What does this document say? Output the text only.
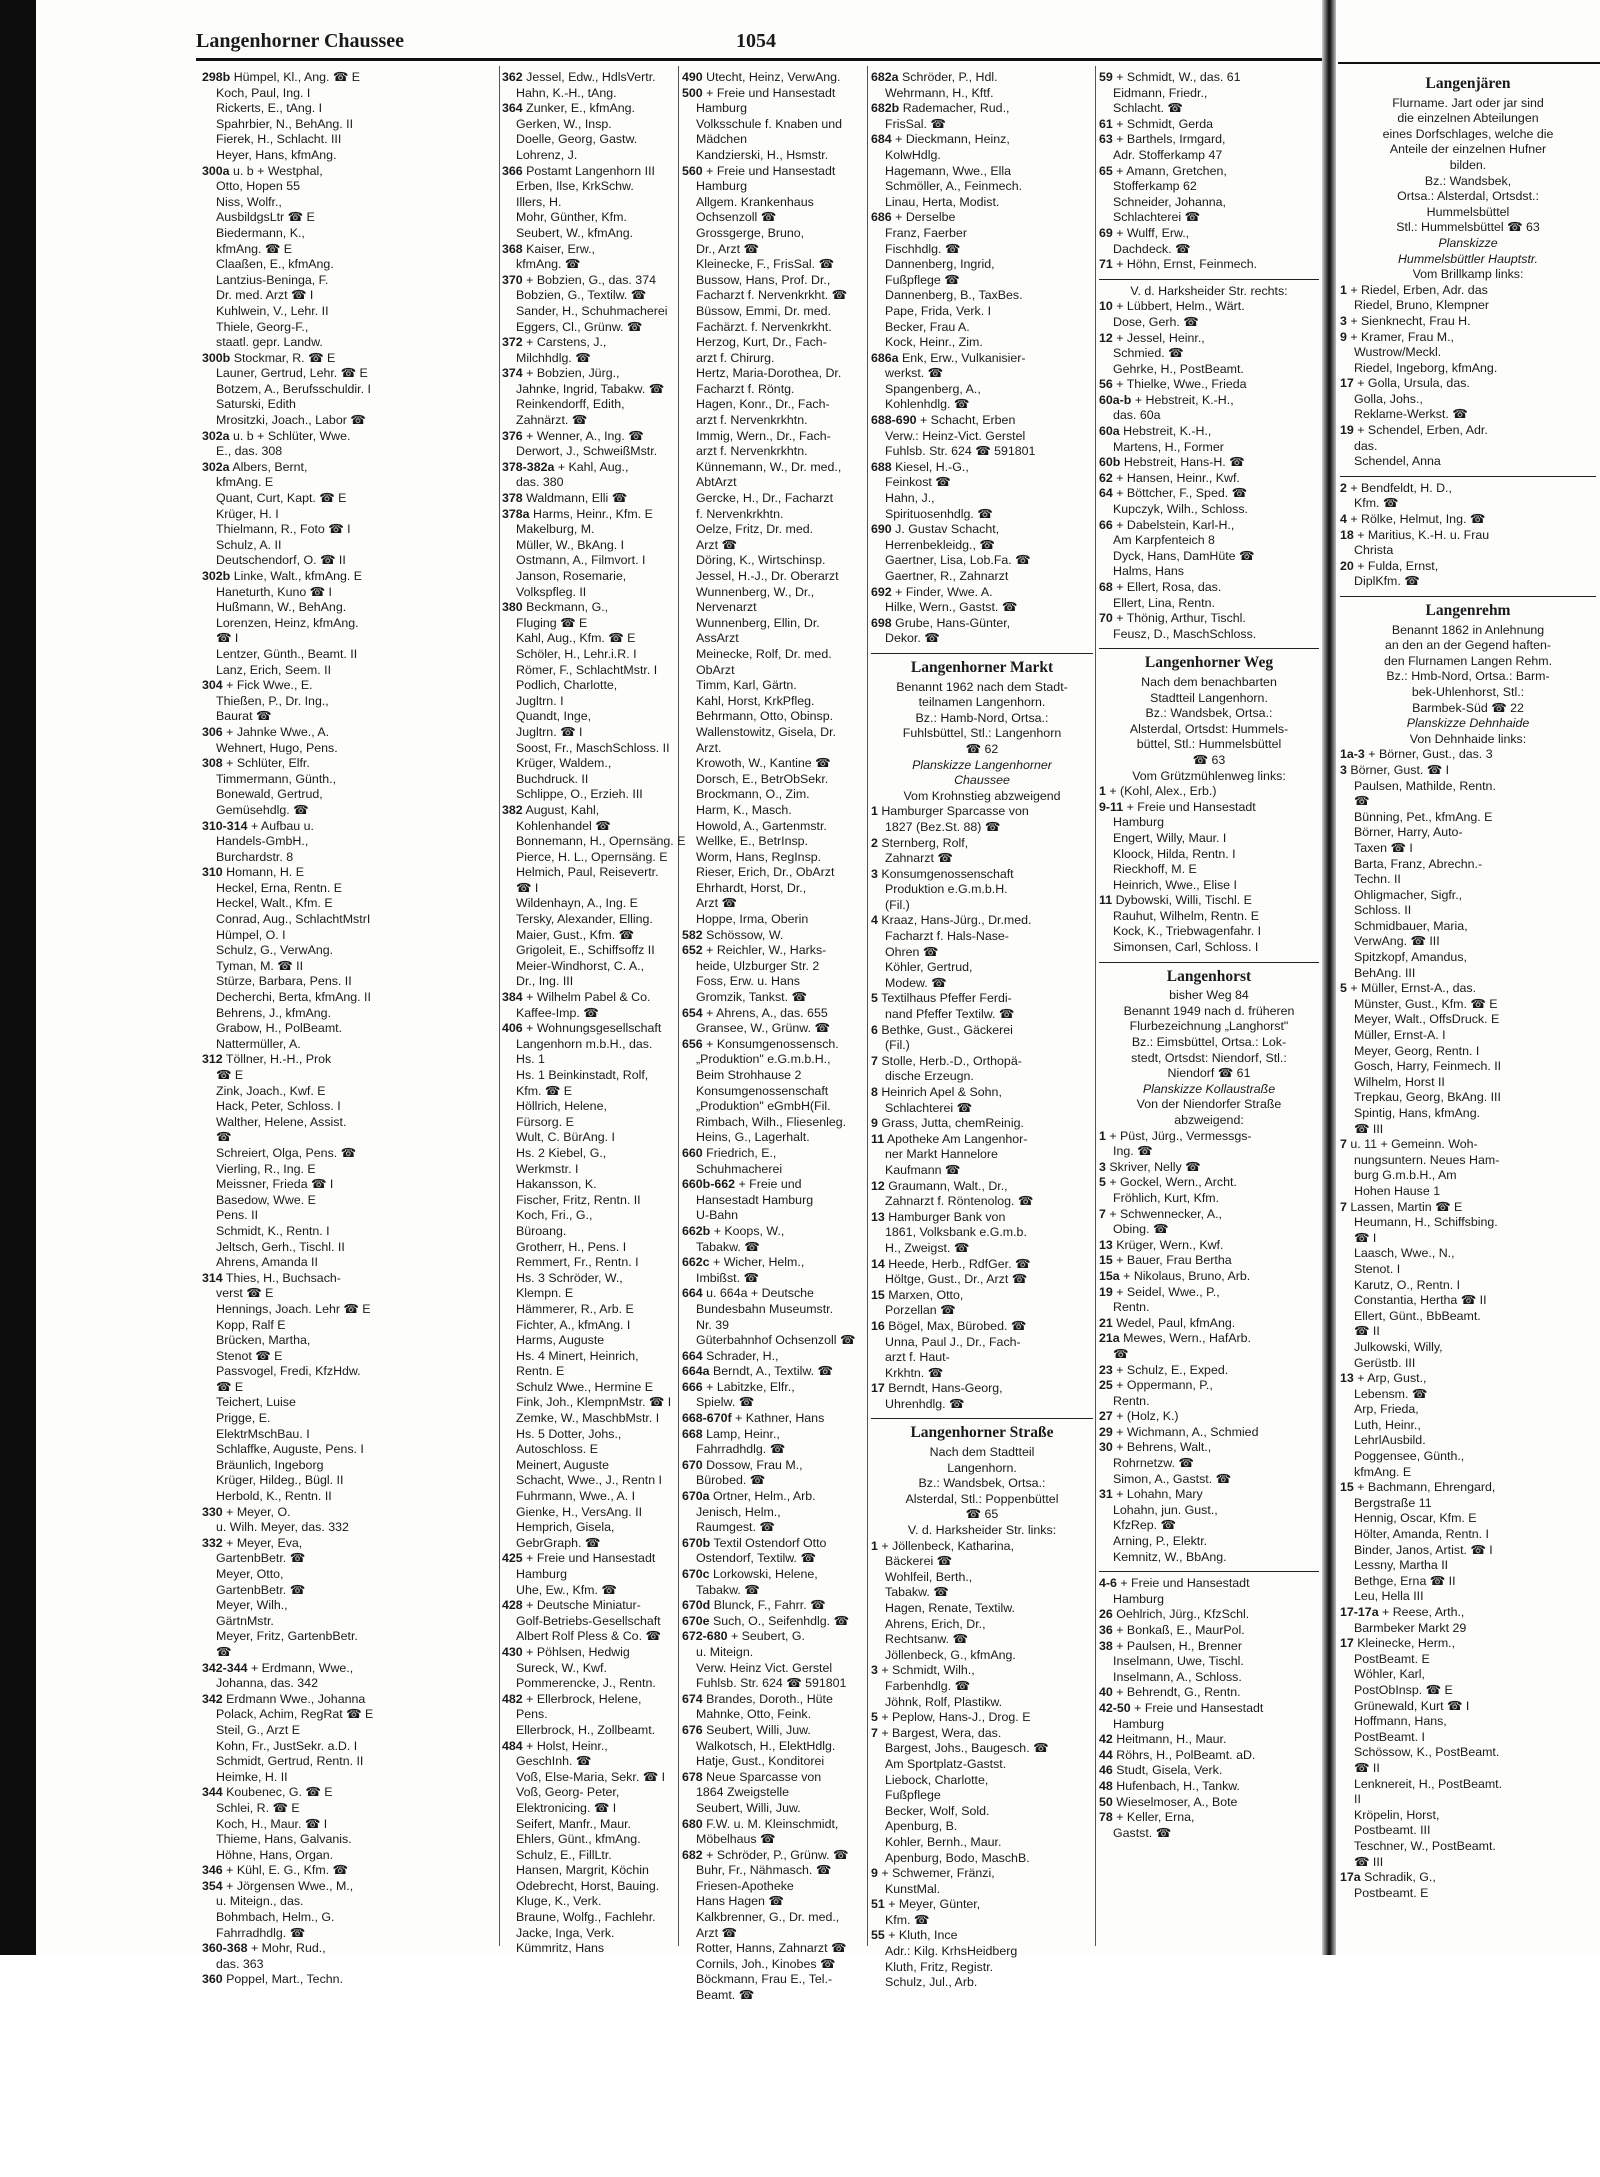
Langenhorner Chaussee	1054
298b Hümpel, Kl., Ang. ☎ E
Koch, Paul, Ing. I
Rickerts, E., tAng. I
Spahrbier, N., BehAng. II
Fierek, H., Schlacht. III
Heyer, Hans, kfmAng.
300a u. b + Westphal,
Otto, Hopen 55
Niss, Wolfr.,
AusbildgsLtr ☎ E
Biedermann, K.,
kfmAng. ☎ E
Claaßen, E., kfmAng.
Lantzius-Beninga, F.
Dr. med. Arzt ☎ I
Kuhlwein, V., Lehr. II
Thiele, Georg-F.,
staatl. gepr. Landw.
300b Stockmar, R. ☎ E
Launer, Gertrud, Lehr. ☎ E
Botzem, A., Berufsschuldir. I
Saturski, Edith
Mrositzki, Joach., Labor ☎
302a u. b + Schlüter, Wwe.
E., das. 308
302a Albers, Bernt,
kfmAng. E
Quant, Curt, Kapt. ☎ E
Krüger, H. I
Thielmann, R., Foto ☎ I
Schulz, A. II
Deutschendorf, O. ☎ II
302b Linke, Walt., kfmAng. E
Haneturth, Kuno ☎ I
Hußmann, W., BehAng.
Lorenzen, Heinz, kfmAng.
☎ I
Lentzer, Günth., Beamt. II
Lanz, Erich, Seem. II
304 + Fick Wwe., E.
Thießen, P., Dr. Ing.,
Baurat ☎
306 + Jahnke Wwe., A.
Wehnert, Hugo, Pens.
308 + Schlüter, Elfr.
Timmermann, Günth.,
Bonewald, Gertrud,
Gemüsehdlg. ☎
310-314 + Aufbau u.
Handels-GmbH.,
Burchardstr. 8
310 Homann, H. E
Heckel, Erna, Rentn. E
Heckel, Walt., Kfm. E
Conrad, Aug., SchlachtMstrI
Hümpel, O. I
Schulz, G., VerwAng.
Tyman, M. ☎ II
Stürze, Barbara, Pens. II
Decherchi, Berta, kfmAng. II
Behrens, J., kfmAng.
Grabow, H., PolBeamt.
Nattermüller, A.
312 Töllner, H.-H., Prok
☎ E
Zink, Joach., Kwf. E
Hack, Peter, Schloss. I
Walther, Helene, Assist.
☎
Schreiert, Olga, Pens. ☎
Vierling, R., Ing. E
Meissner, Frieda ☎ I
Basedow, Wwe. E
Pens. II
Schmidt, K., Rentn. I
Jeltsch, Gerh., Tischl. II
Ahrens, Amanda II
314 Thies, H., Buchsach-
verst ☎ E
Hennings, Joach. Lehr ☎ E
Kopp, Ralf E
Brücken, Martha,
Stenot ☎ E
Passvogel, Fredi, KfzHdw.
☎ E
Teichert, Luise
Prigge, E.
ElektrMschBau. I
Schlaffke, Auguste, Pens. I
Bräunlich, Ingeborg
Krüger, Hildeg., Bügl. II
Herbold, K., Rentn. II
330 + Meyer, O.
u. Wilh. Meyer, das. 332
332 + Meyer, Eva,
GartenbBetr. ☎
Meyer, Otto,
GartenbBetr. ☎
Meyer, Wilh.,
GärtnMstr.
Meyer, Fritz, GartenbBetr.
☎
342-344 + Erdmann, Wwe.,
Johanna, das. 342
342 Erdmann Wwe., Johanna
Polack, Achim, RegRat ☎ E
Steil, G., Arzt E
Kohn, Fr., JustSekr. a.D. I
Schmidt, Gertrud, Rentn. II
Heimke, H. II
344 Koubenec, G. ☎ E
Schlei, R. ☎ E
Koch, H., Maur. ☎ I
Thieme, Hans, Galvanis.
Höhne, Hans, Organ.
346 + Kühl, E. G., Kfm. ☎
354 + Jörgensen Wwe., M.,
u. Miteign., das.
Bohmbach, Helm., G.
Fahrradhdlg. ☎
360-368 + Mohr, Rud.,
das. 363
360 Poppel, Mart., Techn.
362 Jessel, Edw., HdlsVertr.
Hahn, K.-H., tAng.
364 Zunker, E., kfmAng.
Gerken, W., Insp.
Doelle, Georg, Gastw.
Lohrenz, J.
366 Postamt Langenhorn III
Erben, Ilse, KrkSchw.
Illers, H.
Mohr, Günther, Kfm.
Seubert, W., kfmAng.
368 Kaiser, Erw.,
kfmAng. ☎
370 + Bobzien, G., das. 374
Bobzien, G., Textilw. ☎
Sander, H., Schuhmacherei
Eggers, Cl., Grünw. ☎
372 + Carstens, J.,
Milchhdlg. ☎
374 + Bobzien, Jürg.,
Jahnke, Ingrid, Tabakw. ☎
Reinkendorff, Edith,
Zahnärzt. ☎
376 + Wenner, A., Ing. ☎
Derwort, J., SchweißMstr.
378-382a + Kahl, Aug.,
das. 380
378 Waldmann, Elli ☎
378a Harms, Heinr., Kfm. E
Makelburg, M.
Müller, W., BkAng. I
Ostmann, A., Filmvort. I
Janson, Rosemarie,
Volkspfleg. II
380 Beckmann, G.,
Fluging ☎ E
Kahl, Aug., Kfm. ☎ E
Schöler, H., Lehr.i.R. I
Römer, F., SchlachtMstr. I
Podlich, Charlotte,
Jugltrn. I
Quandt, Inge,
Jugltrn. ☎ I
Soost, Fr., MaschSchloss. II
Krüger, Waldem.,
Buchdruck. II
Schlippe, O., Erzieh. III
382 August, Kahl,
Kohlenhandel ☎
Bonnemann, H., Opernsäng. E
Pierce, H. L., Opernsäng. E
Helmich, Paul, Reisevertr.
☎ I
Wildenhayn, A., Ing. E
Tersky, Alexander, Elling.
Maier, Gust., Kfm. ☎
Grigoleit, E., Schiffsoffz II
Meier-Windhorst, C. A.,
Dr., Ing. III
384 + Wilhelm Pabel & Co.
Kaffee-Imp. ☎
406 + Wohnungsgesellschaft
Langenhorn m.b.H., das.
Hs. 1
Hs. 1 Beinkinstadt, Rolf,
Kfm. ☎ E
Höllrich, Helene,
Fürsorg. E
Wult, C. BürAng. I
Hs. 2 Kiebel, G.,
Werkmstr. I
Hakansson, K.
Fischer, Fritz, Rentn. II
Koch, Fri., G.,
Büroang.
Grotherr, H., Pens. I
Remmert, Fr., Rentn. I
Hs. 3 Schröder, W.,
Klempn. E
Hämmerer, R., Arb. E
Fichter, A., kfmAng. I
Harms, Auguste
Hs. 4 Minert, Heinrich,
Rentn. E
Schulz Wwe., Hermine E
Fink, Joh., KlempnMstr. ☎ I
Zemke, W., MaschbMstr. I
Hs. 5 Dotter, Johs.,
Autoschloss. E
Meinert, Auguste
Schacht, Wwe., J., Rentn I
Fuhrmann, Wwe., A. I
Gienke, H., VersAng. II
Hemprich, Gisela,
GebrGraph. ☎
425 + Freie und Hansestadt
Hamburg
Uhe, Ew., Kfm. ☎
428 + Deutsche Miniatur-
Golf-Betriebs-Gesellschaft
Albert Rolf Pless & Co. ☎
430 + Pöhlsen, Hedwig
Sureck, W., Kwf.
Pommerencke, J., Rentn.
482 + Ellerbrock, Helene,
Pens.
Ellerbrock, H., Zollbeamt.
484 + Holst, Heinr.,
GeschInh. ☎
Voß, Else-Maria, Sekr. ☎ I
Voß, Georg- Peter,
Elektronicing. ☎ I
Seifert, Manfr., Maur.
Ehlers, Günt., kfmAng.
Schulz, E., FillLtr.
Hansen, Margrit, Köchin
Odebrecht, Horst, Bauing.
Kluge, K., Verk.
Braune, Wolfg., Fachlehr.
Jacke, Inga, Verk.
Kümmritz, Hans
490 Utecht, Heinz, VerwAng.
500 + Freie und Hansestadt
Hamburg
Volksschule f. Knaben und
Mädchen
Kandzierski, H., Hsmstr.
560 + Freie und Hansestadt
Hamburg
Allgem. Krankenhaus
Ochsenzoll ☎
Grossgerge, Bruno,
Dr., Arzt ☎
Kleinecke, F., FrisSal. ☎
Bussow, Hans, Prof. Dr.,
Facharzt f. Nervenkrkht. ☎
Büssow, Emmi, Dr. med.
Fachärzt. f. Nervenkrkht.
Herzog, Kurt, Dr., Fach-
arzt f. Chirurg.
Hertz, Maria-Dorothea, Dr.
Facharzt f. Röntg.
Hagen, Konr., Dr., Fach-
arzt f. Nervenkrkhtn.
Immig, Wern., Dr., Fach-
arzt f. Nervenkrkhtn.
Künnemann, W., Dr. med.,
AbtArzt
Gercke, H., Dr., Facharzt
f. Nervenkrkhtn.
Oelze, Fritz, Dr. med.
Arzt ☎
Döring, K., Wirtschinsp.
Jessel, H.-J., Dr. Oberarzt
Wunnenberg, W., Dr.,
Nervenarzt
Wunnenberg, Ellin, Dr.
AssArzt
Meinecke, Rolf, Dr. med.
ObArzt
Timm, Karl, Gärtn.
Kahl, Horst, KrkPfleg.
Behrmann, Otto, Obinsp.
Wallenstowitz, Gisela, Dr.
Arzt.
Krowoth, W., Kantine ☎
Dorsch, E., BetrObSekr.
Brockmann, O., Zim.
Harm, K., Masch.
Howold, A., Gartenmstr.
Wellke, E., BetrInsp.
Worm, Hans, RegInsp.
Rieser, Erich, Dr., ObArzt
Ehrhardt, Horst, Dr.,
Arzt ☎
Hoppe, Irma, Oberin
582 Schössow, W.
652 + Reichler, W., Harks-
heide, Ulzburger Str. 2
Foss, Erw. u. Hans
Gromzik, Tankst. ☎
654 + Ahrens, A., das. 655
Gransee, W., Grünw. ☎
656 + Konsumgenossensch.
„Produktion" e.G.m.b.H.,
Beim Strohhause 2
Konsumgenossenschaft
„Produktion" eGmbH(Fil.
Rimbach, Wilh., Fliesenleg.
Heins, G., Lagerhalt.
660 Friedrich, E.,
Schuhmacherei
660b-662 + Freie und
Hansestadt Hamburg
U-Bahn
662b + Koops, W.,
Tabakw. ☎
662c + Wicher, Helm.,
Imbißst. ☎
664 u. 664a + Deutsche
Bundesbahn Museumstr.
Nr. 39
Güterbahnhof Ochsenzoll ☎
664 Schrader, H.,
664a Berndt, A., Textilw. ☎
666 + Labitzke, Elfr.,
Spielw. ☎
668-670f + Kathner, Hans
668 Lamp, Heinr.,
Fahrradhdlg. ☎
670 Dossow, Frau M.,
Bürobed. ☎
670a Ortner, Helm., Arb.
Jenisch, Helm.,
Raumgest. ☎
670b Textil Ostendorf Otto
Ostendorf, Textilw. ☎
670c Lorkowski, Helene,
Tabakw. ☎
670d Blunck, F., Fahrr. ☎
670e Such, O., Seifenhdlg. ☎
672-680 + Seubert, G.
u. Miteign.
Verw. Heinz Vict. Gerstel
Fuhlsb. Str. 624 ☎ 591801
674 Brandes, Doroth., Hüte
Mahnke, Otto, Feink.
676 Seubert, Willi, Juw.
Walkotsch, H., ElektHdlg.
Hatje, Gust., Konditorei
678 Neue Sparcasse von
1864 Zweigstelle
Seubert, Willi, Juw.
680 F.W. u. M. Kleinschmidt,
Möbelhaus ☎
682 + Schröder, P., Grünw. ☎
Buhr, Fr., Nähmasch. ☎
Friesen-Apotheke
Hans Hagen ☎
Kalkbrenner, G., Dr. med.,
Arzt ☎
Rotter, Hanns, Zahnarzt ☎
Cornils, Joh., Kinobes ☎
Böckmann, Frau E., Tel.-
Beamt. ☎
682a Schröder, P., Hdl.
Wehrmann, H., Kftf.
682b Rademacher, Rud.,
FrisSal. ☎
684 + Dieckmann, Heinz,
KolwHdlg.
Hagemann, Wwe., Ella
Schmöller, A., Feinmech.
Linau, Herta, Modist.
686 + Derselbe
Franz, Faerber
Fischhdlg. ☎
Dannenberg, Ingrid,
Fußpflege ☎
Dannenberg, B., TaxBes.
Pape, Frida, Verk. I
Becker, Frau A.
Kock, Heinr., Zim.
686a Enk, Erw., Vulkanisier-
werkst. ☎
Spangenberg, A.,
Kohlenhdlg. ☎
688-690 + Schacht, Erben
Verw.: Heinz-Vict. Gerstel
Fuhlsb. Str. 624 ☎ 591801
688 Kiesel, H.-G.,
Feinkost ☎
Hahn, J.,
Spirituosenhdlg. ☎
690 J. Gustav Schacht,
Herrenbekleidg., ☎
Gaertner, Lisa, Lob.Fa. ☎
Gaertner, R., Zahnarzt
692 + Finder, Wwe. A.
Hilke, Wern., Gastst. ☎
698 Grube, Hans-Günter,
Dekor. ☎
Langenhorner Markt
Benannt 1962 nach dem Stadt-
teilnamen Langenhorn.
Bz.: Hamb-Nord, Ortsa.:
Fuhlsbüttel, Stl.: Langenhorn
☎ 62
Planskizze Langenhorner
Chaussee
Vom Krohnstieg abzweigend
1 Hamburger Sparcasse von
1827 (Bez.St. 88) ☎
2 Sternberg, Rolf,
Zahnarzt ☎
3 Konsumgenossenschaft
Produktion e.G.m.b.H.
(Fil.)
4 Kraaz, Hans-Jürg., Dr.med.
Facharzt f. Hals-Nase-
Ohren ☎
Köhler, Gertrud,
Modew. ☎
5 Textilhaus Pfeffer Ferdi-
nand Pfeffer Textilw. ☎
6 Bethke, Gust., Gäckerei
(Fil.)
7 Stolle, Herb.-D., Orthopä-
dische Erzeugn.
8 Heinrich Apel & Sohn,
Schlachterei ☎
9 Grass, Jutta, chemReinig.
11 Apotheke Am Langenhor-
ner Markt Hannelore
Kaufmann ☎
12 Graumann, Walt., Dr.,
Zahnarzt f. Röntenolog. ☎
13 Hamburger Bank von
1861, Volksbank e.G.m.b.
H., Zweigst. ☎
14 Heede, Herb., RdfGer. ☎
Höltge, Gust., Dr., Arzt ☎
15 Marxen, Otto,
Porzellan ☎
16 Bögel, Max, Bürobed. ☎
Unna, Paul J., Dr., Fach-
arzt f. Haut-
Krkhtn. ☎
17 Berndt, Hans-Georg,
Uhrenhdlg. ☎
Langenhorner Straße
Nach dem Stadtteil
Langenhorn.
Bz.: Wandsbek, Ortsa.:
Alsterdal, Stl.: Poppenbüttel
☎ 65
V. d. Harksheider Str. links:
1 + Jöllenbeck, Katharina,
Bäckerei ☎
Wohlfeil, Berth.,
Tabakw. ☎
Hagen, Renate, Textilw.
Ahrens, Erich, Dr.,
Rechtsanw. ☎
Jöllenbeck, G., kfmAng.
3 + Schmidt, Wilh.,
Farbenhdlg. ☎
Jöhnk, Rolf, Plastikw.
5 + Peplow, Hans-J., Drog. E
7 + Bargest, Wera, das.
Bargest, Johs., Baugesch. ☎
Am Sportplatz-Gastst.
Liebock, Charlotte,
Fußpflege
Becker, Wolf, Sold.
Apenburg, B.
Kohler, Bernh., Maur.
Apenburg, Bodo, MaschB.
9 + Schwemer, Fränzi,
KunstMal.
51 + Meyer, Günter,
Kfm. ☎
55 + Kluth, Ince
Adr.: Kilg. KrhsHeidberg
Kluth, Fritz, Registr.
Schulz, Jul., Arb.
59 + Schmidt, W., das. 61
Eidmann, Friedr.,
Schlacht. ☎
61 + Schmidt, Gerda
63 + Barthels, Irmgard,
Adr. Stofferkamp 47
65 + Amann, Gretchen,
Stofferkamp 62
Schneider, Johanna,
Schlachterei ☎
69 + Wulff, Erw.,
Dachdeck. ☎
71 + Höhn, Ernst, Feinmech.
V. d. Harksheider Str. rechts:
10 + Lübbert, Helm., Wärt.
Dose, Gerh. ☎
12 + Jessel, Heinr.,
Schmied. ☎
Gehrke, H., PostBeamt.
56 + Thielke, Wwe., Frieda
60a-b + Hebstreit, K.-H.,
das. 60a
60a Hebstreit, K.-H.,
Martens, H., Former
60b Hebstreit, Hans-H. ☎
62 + Hansen, Heinr., Kwf.
64 + Böttcher, F., Sped. ☎
Kupczyk, Wilh., Schloss.
66 + Dabelstein, Karl-H.,
Am Karpfenteich 8
Dyck, Hans, DamHüte ☎
Halms, Hans
68 + Ellert, Rosa, das.
Ellert, Lina, Rentn.
70 + Thönig, Arthur, Tischl.
Feusz, D., MaschSchloss.
Langenhorner Weg
Nach dem benachbarten
Stadtteil Langenhorn.
Bz.: Wandsbek, Ortsa.:
Alsterdal, Ortsdst: Hummels-
büttel, Stl.: Hummelsbüttel
☎ 63
Vom Grützmühlenweg links:
1 + (Kohl, Alex., Erb.)
9-11 + Freie und Hansestadt
Hamburg
Engert, Willy, Maur. I
Kloock, Hilda, Rentn. I
Rieckhoff, M. E
Heinrich, Wwe., Elise I
11 Dybowski, Willi, Tischl. E
Rauhut, Wilhelm, Rentn. E
Kock, K., Triebwagenfahr. I
Simonsen, Carl, Schloss. I
Langenhorst
bisher Weg 84
Benannt 1949 nach d. früheren
Flurbezeichnung „Langhorst"
Bz.: Eimsbüttel, Ortsa.: Lok-
stedt, Ortsdst: Niendorf, Stl.:
Niendorf ☎ 61
Planskizze Kollaustraße
Von der Niendorfer Straße
abzweigend:
1 + Püst, Jürg., Vermessgs-
Ing. ☎
3 Skriver, Nelly ☎
5 + Gockel, Wern., Archt.
Fröhlich, Kurt, Kfm.
7 + Schwennecker, A.,
Obing. ☎
13 Krüger, Wern., Kwf.
15 + Bauer, Frau Bertha
15a + Nikolaus, Bruno, Arb.
19 + Seidel, Wwe., P.,
Rentn.
21 Wedel, Paul, kfmAng.
21a Mewes, Wern., HafArb.
☎
23 + Schulz, E., Exped.
25 + Oppermann, P.,
Rentn.
27 + (Holz, K.)
29 + Wichmann, A., Schmied
30 + Behrens, Walt.,
Rohrnetzw. ☎
Simon, A., Gastst. ☎
31 + Lohahn, Mary
Lohahn, jun. Gust.,
KfzRep. ☎
Arning, P., Elektr.
Kemnitz, W., BbAng.
4-6 + Freie und Hansestadt
Hamburg
26 Oehlrich, Jürg., KfzSchl.
36 + Bonkaß, E., MaurPol.
38 + Paulsen, H., Brenner
Inselmann, Uwe, Tischl.
Inselmann, A., Schloss.
40 + Behrendt, G., Rentn.
42-50 + Freie und Hansestadt
Hamburg
42 Heitmann, H., Maur.
44 Röhrs, H., PolBeamt. aD.
46 Studt, Gisela, Verk.
48 Hufenbach, H., Tankw.
50 Wieselmoser, A., Bote
78 + Keller, Erna,
Gastst. ☎
Langenjären
Flurname. Jart oder jar sind
die einzelnen Abteilungen
eines Dorfschlages, welche die
Anteile der einzelnen Hufner
bilden.
Bz.: Wandsbek,
Ortsa.: Alsterdal, Ortsdst.:
Hummelsbüttel
Stl.: Hummelsbüttel ☎ 63
Planskizze
Hummelsbüttler Hauptstr.
Vom Brillkamp links:
1 + Riedel, Erben, Adr. das
Riedel, Bruno, Klempner
3 + Sienknecht, Frau H.
9 + Kramer, Frau M.,
Wustrow/Meckl.
Riedel, Ingeborg, kfmAng.
17 + Golla, Ursula, das.
Golla, Johs.,
Reklame-Werkst. ☎
19 + Schendel, Erben, Adr.
das.
Schendel, Anna
2 + Bendfeldt, H. D.,
Kfm. ☎
4 + Rölke, Helmut, Ing. ☎
18 + Maritius, K.-H. u. Frau
Christa
20 + Fulda, Ernst,
DiplKfm. ☎
Langenrehm
Benannt 1862 in Anlehnung
an den an der Gegend haften-
den Flurnamen Langen Rehm.
Bz.: Hmb-Nord, Ortsa.: Barm-
bek-Uhlenhorst, Stl.:
Barmbek-Süd ☎ 22
Planskizze Dehnhaide
Von Dehnhaide links:
1a-3 + Börner, Gust., das. 3
3 Börner, Gust. ☎ I
Paulsen, Mathilde, Rentn.
☎
Bünning, Pet., kfmAng. E
Börner, Harry, Auto-
Taxen ☎ I
Barta, Franz, Abrechn.-
Techn. II
Ohligmacher, Sigfr.,
Schloss. II
Schmidbauer, Maria,
VerwAng. ☎ III
Spitzkopf, Amandus,
BehAng. III
5 + Müller, Ernst-A., das.
Münster, Gust., Kfm. ☎ E
Meyer, Walt., OffsDruck. E
Müller, Ernst-A. I
Meyer, Georg, Rentn. I
Gosch, Harry, Feinmech. II
Wilhelm, Horst II
Trepkau, Georg, BkAng. III
Spintig, Hans, kfmAng.
☎ III
7 u. 11 + Gemeinn. Woh-
nungsuntern. Neues Ham-
burg G.m.b.H., Am
Hohen Hause 1
7 Lassen, Martin ☎ E
Heumann, H., Schiffsbing.
☎ I
Laasch, Wwe., N.,
Stenot. I
Karutz, O., Rentn. I
Constantia, Hertha ☎ II
Ellert, Günt., BbBeamt.
☎ II
Julkowski, Willy,
Gerüstb. III
13 + Arp, Gust.,
Lebensm. ☎
Arp, Frieda,
Luth, Heinr.,
LehrlAusbild.
Poggensee, Günth.,
kfmAng. E
15 + Bachmann, Ehrengard,
Bergstraße 11
Hennig, Oscar, Kfm. E
Hölter, Amanda, Rentn. I
Binder, Janos, Artist. ☎ I
Lessny, Martha II
Bethge, Erna ☎ II
Leu, Hella III
17-17a + Reese, Arth.,
Barmbeker Markt 29
17 Kleinecke, Herm.,
PostBeamt. E
Wöhler, Karl,
PostObInsp. ☎ E
Grünewald, Kurt ☎ I
Hoffmann, Hans,
PostBeamt. I
Schössow, K., PostBeamt.
☎ II
Lenknereit, H., PostBeamt.
II
Kröpelin, Horst,
Postbeamt. III
Teschner, W., PostBeamt.
☎ III
17a Schradik, G.,
Postbeamt. E
